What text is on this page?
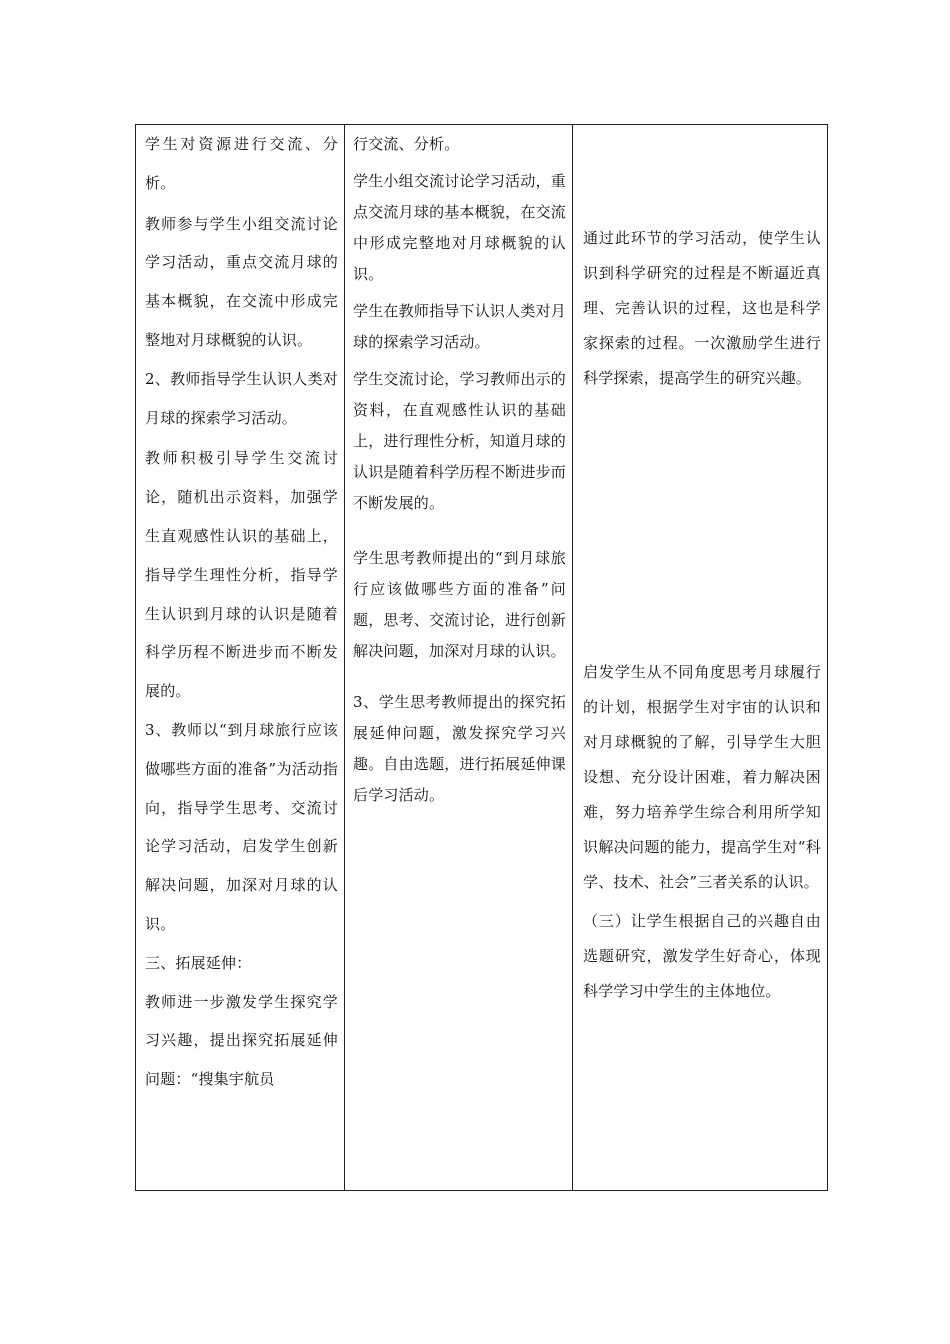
学生对资源进行交流、分析。

教师参与学生小组交流讨论学习活动，重点交流月球的基本概貌，在交流中形成完整地对月球概貌的认识。

2、教师指导学生认识人类对月球的探索学习活动。

教师积极引导学生交流讨论，随机出示资料，加强学生直观感性认识的基础上，指导学生理性分析，指导学生认识到月球的认识是随着科学历程不断进步而不断发展的。

3、教师以“到月球旅行应该做哪些方面的准备”为活动指向，指导学生思考、交流讨论学习活动，启发学生创新解决问题，加深对月球的认识。

三、拓展延伸：

教师进一步激发学生探究学习兴趣，提出探究拓展延伸问题：“搜集宇航员

行交流、分析。

学生小组交流讨论学习活动，重点交流月球的基本概貌，在交流中形成完整地对月球概貌的认识。

学生在教师指导下认识人类对月球的探索学习活动。

学生交流讨论，学习教师出示的资料，在直观感性认识的基础上，进行理性分析，知道月球的认识是随着科学历程不断进步而不断发展的。

学生思考教师提出的“到月球旅行应该做哪些方面的准备”问题，思考、交流讨论，进行创新解决问题，加深对月球的认识。

3、学生思考教师提出的探究拓展延伸问题，激发探究学习兴趣。自由选题，进行拓展延伸课后学习活动。

通过此环节的学习活动，使学生认识到科学研究的过程是不断逼近真理、完善认识的过程，这也是科学家探索的过程。一次激励学生进行科学探索，提高学生的研究兴趣。

启发学生从不同角度思考月球履行的计划，根据学生对宇宙的认识和对月球概貌的了解，引导学生大胆设想、充分设计困难，着力解决困难，努力培养学生综合利用所学知识解决问题的能力，提高学生对“科学、技术、社会”三者关系的认识。

（三）让学生根据自己的兴趣自由选题研究，激发学生好奇心，体现科学学习中学生的主体地位。
